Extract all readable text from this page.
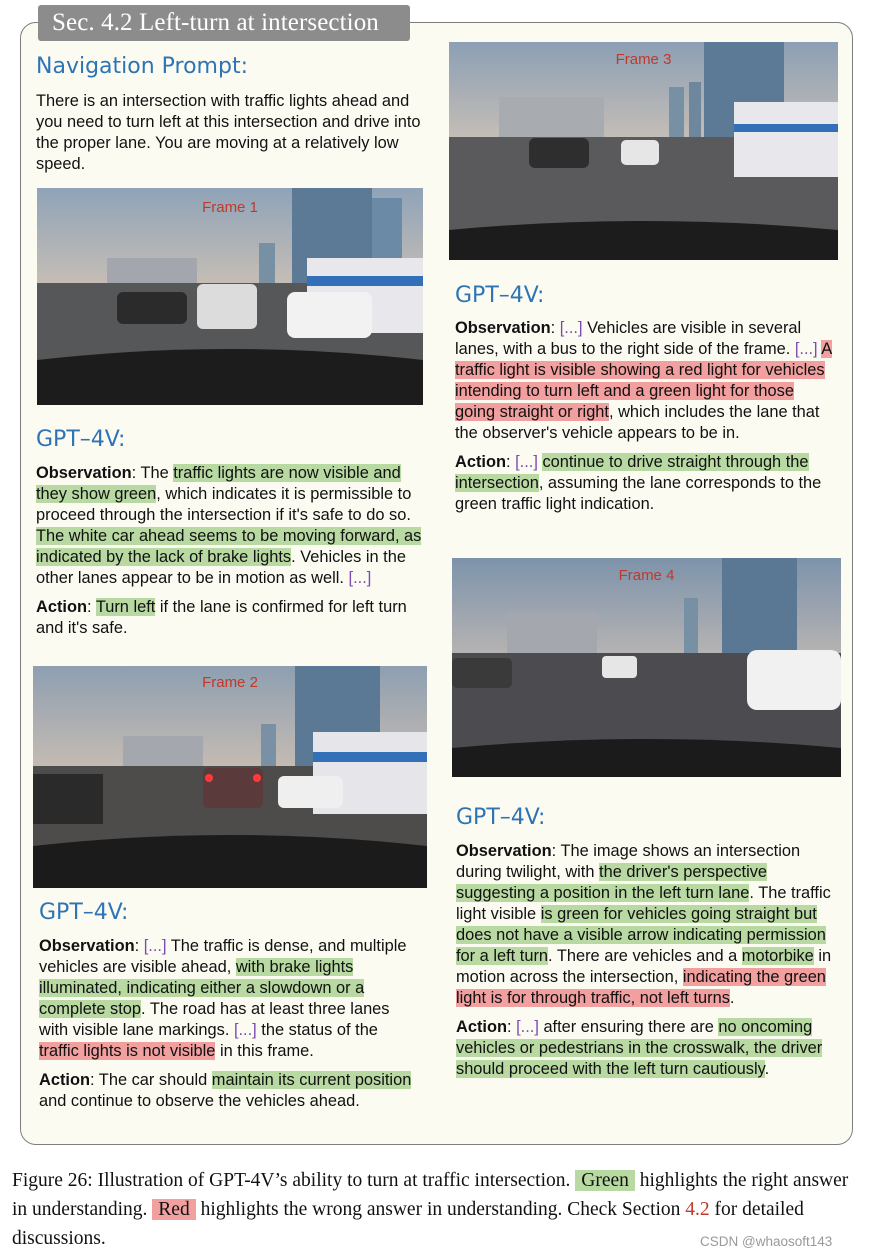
Sec. 4.2 Left-turn at intersection
Navigation Prompt:

There is an intersection with traffic lights ahead and you need to turn left at this intersection and drive into the proper lane. You are moving at a relatively low speed.

Frame 1
GPT–4V:

Observation: The traffic lights are now visible and they show green, which indicates it is permissible to proceed through the intersection if it's safe to do so. The white car ahead seems to be moving forward, as indicated by the lack of brake lights. Vehicles in the other lanes appear to be in motion as well. [...]

Action: Turn left if the lane is confirmed for left turn and it's safe.

Frame 2
GPT–4V:

Observation: [...] The traffic is dense, and multiple vehicles are visible ahead, with brake lights illuminated, indicating either a slowdown or a complete stop. The road has at least three lanes with visible lane markings. [...] the status of the traffic lights is not visible in this frame.

Action: The car should maintain its current position and continue to observe the vehicles ahead.

Frame 3
GPT–4V:

Observation: [...] Vehicles are visible in several lanes, with a bus to the right side of the frame. [...] A traffic light is visible showing a red light for vehicles intending to turn left and a green light for those going straight or right, which includes the lane that the observer's vehicle appears to be in.

Action: [...] continue to drive straight through the intersection, assuming the lane corresponds to the green traffic light indication.

Frame 4
GPT–4V:

Observation: The image shows an intersection during twilight, with the driver's perspective suggesting a position in the left turn lane. The traffic light visible is green for vehicles going straight but does not have a visible arrow indicating permission for a left turn. There are vehicles and a motorbike in motion across the intersection, indicating the green light is for through traffic, not left turns.

Action: [...] after ensuring there are no oncoming vehicles or pedestrians in the crosswalk, the driver should proceed with the left turn cautiously.

Figure 26: Illustration of GPT-4V’s ability to turn at traffic intersection. Green highlights the right answer in understanding. Red highlights the wrong answer in understanding. Check Section 4.2 for detailed discussions.	CSDN @whaosoft143
